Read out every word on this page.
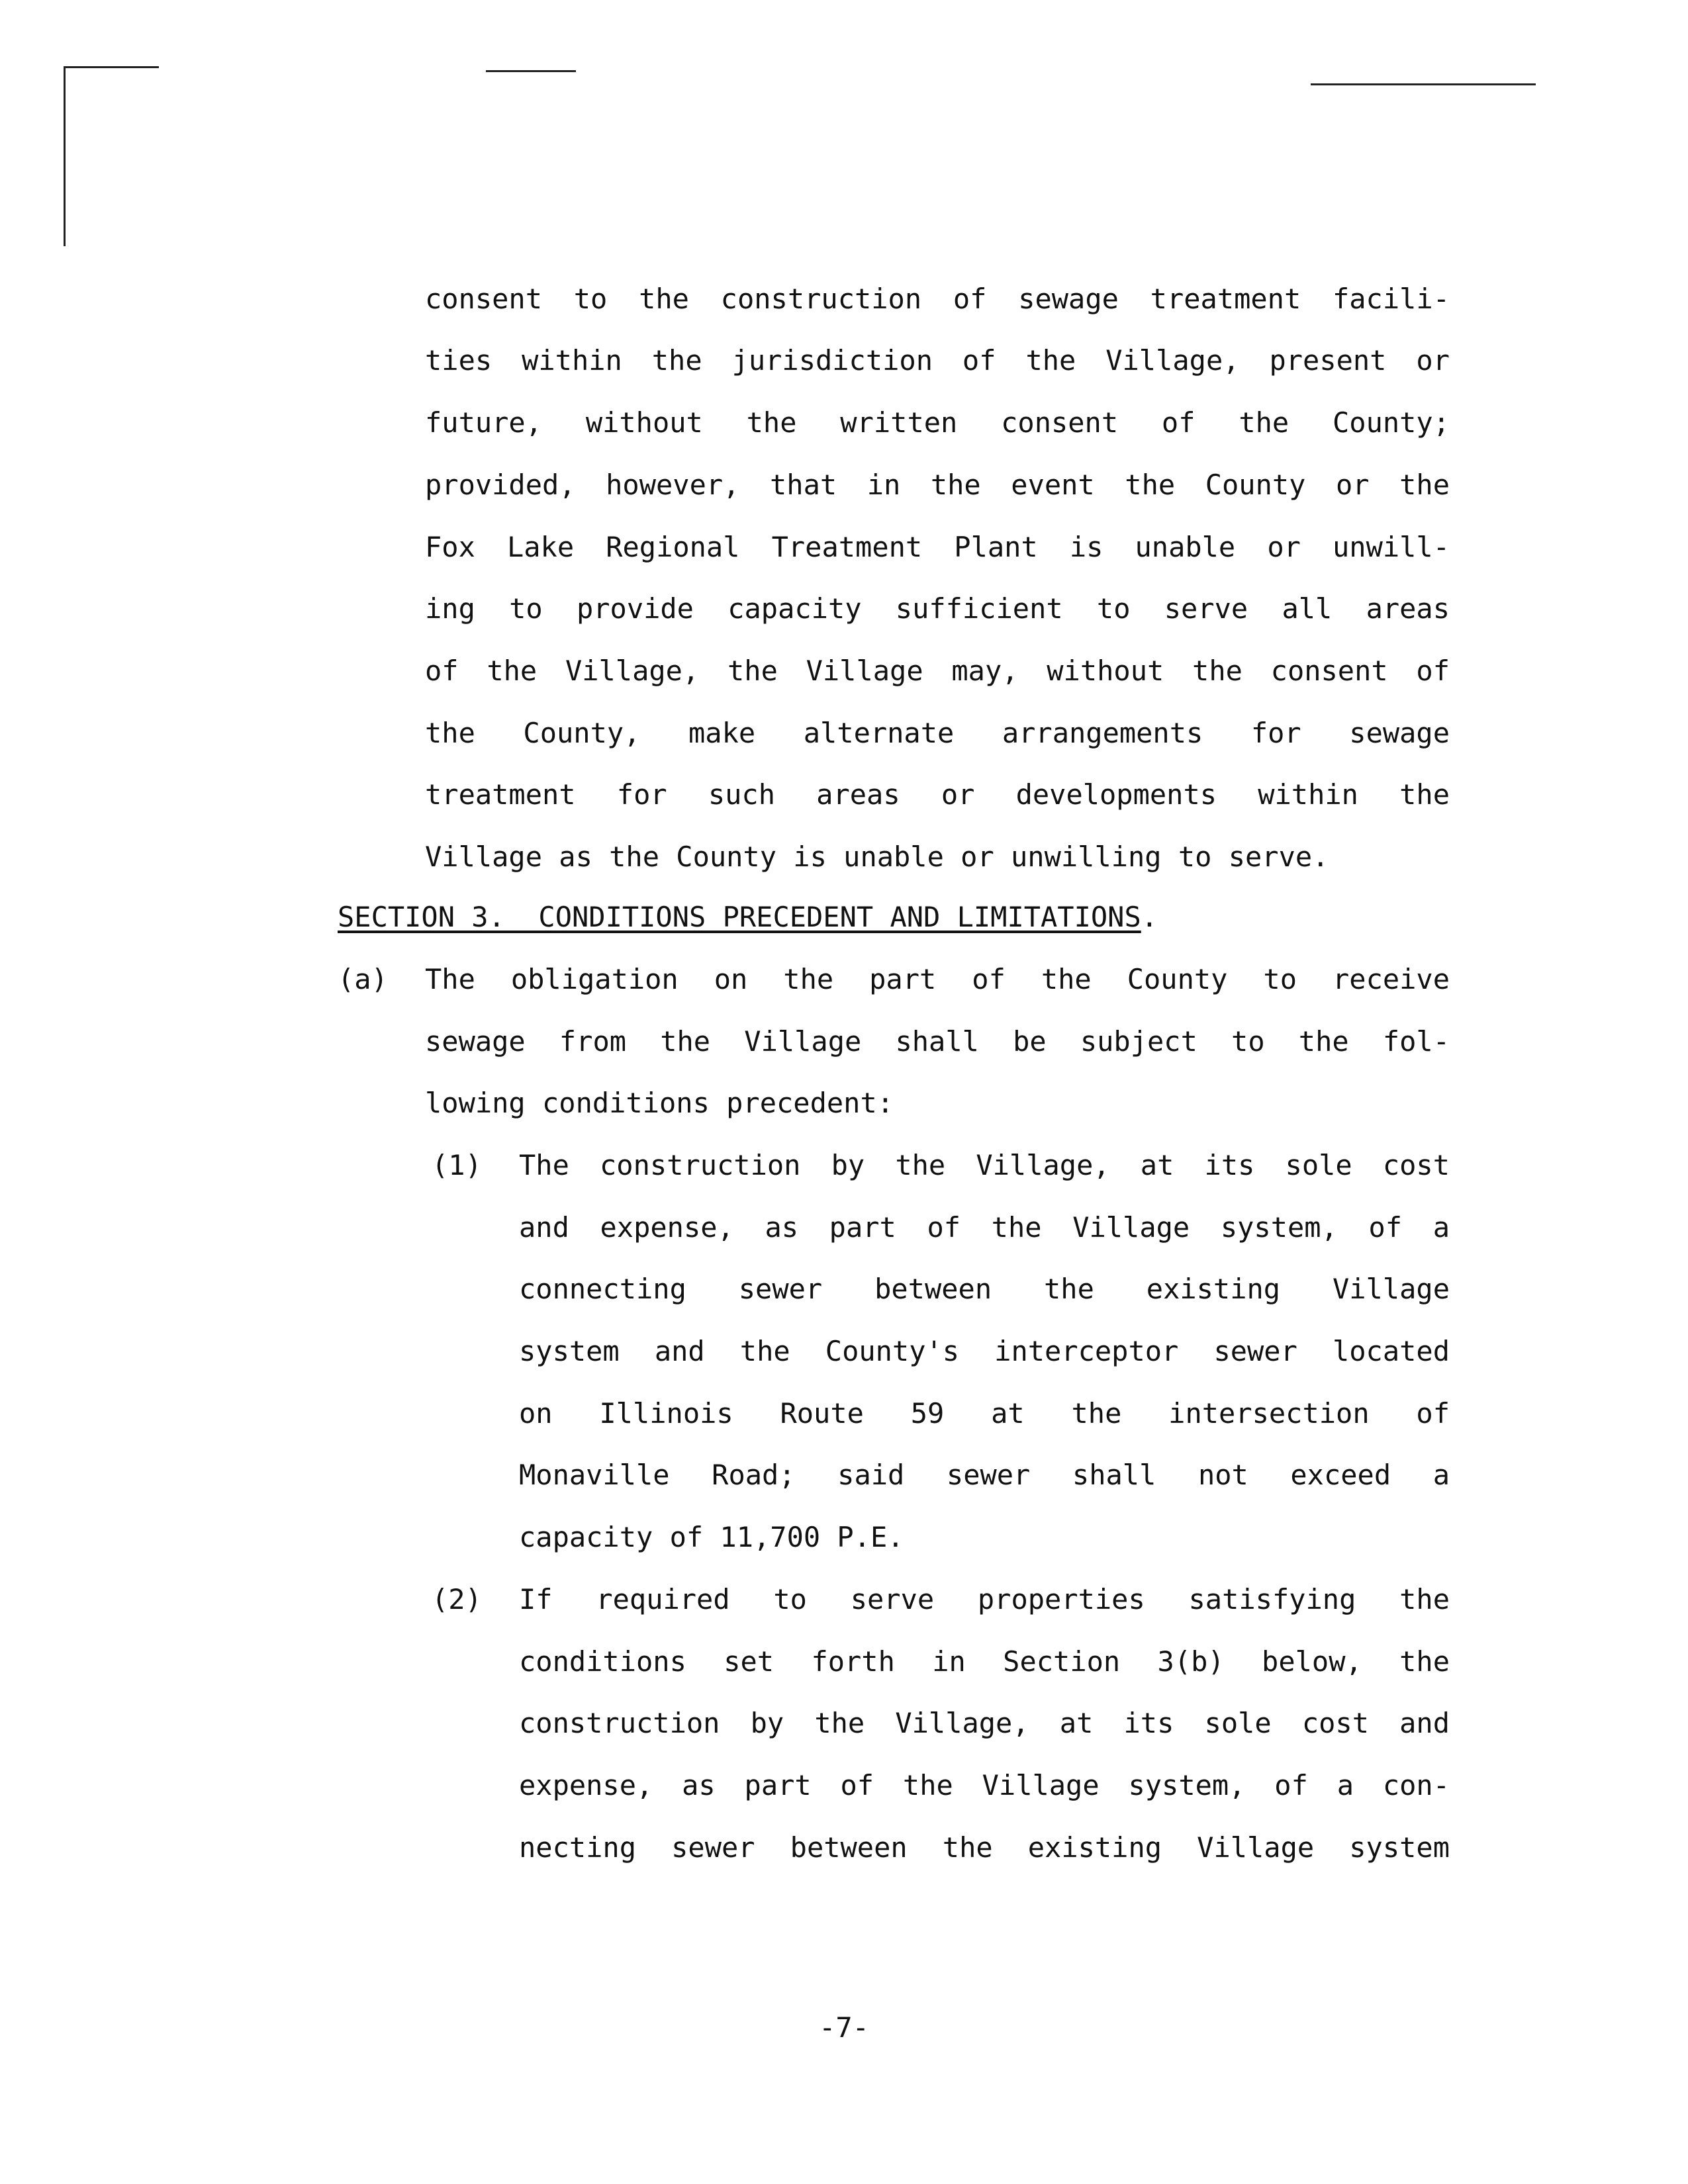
consent to the construction of sewage treatment facili-
ties within the jurisdiction of the Village, present or
future, without the written consent of the County;
provided, however, that in the event the County or the
Fox Lake Regional Treatment Plant is unable or unwill-
ing to provide capacity sufficient to serve all areas
of the Village, the Village may, without the consent of
the County, make alternate arrangements for sewage
treatment for such areas or developments within the
Village as the County is unable or unwilling to serve.
SECTION 3.  CONDITIONS PRECEDENT AND LIMITATIONS.
(a) The obligation on the part of the County to receive
sewage from the Village shall be subject to the fol-
lowing conditions precedent:
(1) The construction by the Village, at its sole cost
and expense, as part of the Village system, of a
connecting sewer between the existing Village
system and the County's interceptor sewer located
on Illinois Route 59 at the intersection of
Monaville Road; said sewer shall not exceed a
capacity of 11,700 P.E.
(2) If required to serve properties satisfying the
conditions set forth in Section 3(b) below, the
construction by the Village, at its sole cost and
expense, as part of the Village system, of a con-
necting sewer between the existing Village system
-7-
